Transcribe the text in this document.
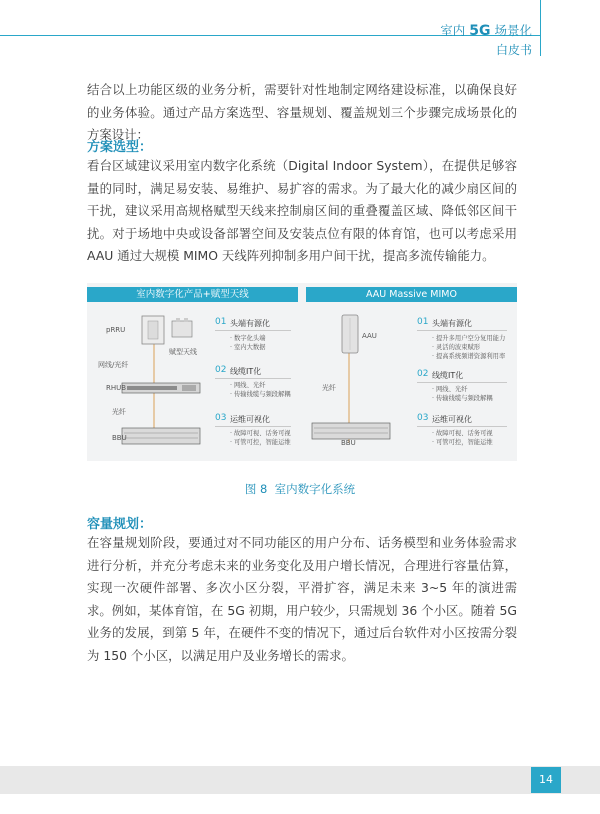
室内 5G 场景化
白皮书
结合以上功能区级的业务分析，需要针对性地制定网络建设标准，以确保良好的业务体验。通过产品方案选型、容量规划、覆盖规划三个步骤完成场景化的方案设计：
方案选型：
看台区域建议采用室内数字化系统（Digital Indoor System），在提供足够容量的同时，满足易安装、易维护、易扩容的需求。为了最大化的减少扇区间的干扰，建议采用高规格赋型天线来控制扇区间的重叠覆盖区域、降低邻区间干扰。对于场地中央或设备部署空间及安装点位有限的体育馆，也可以考虑采用 AAU 通过大规模 MIMO 天线阵列抑制多用户间干扰，提高多流传输能力。
室内数字化产品+赋型天线	AAU Massive MIMO
pRRU
赋型天线
网线/光纤
RHUB
光纤
BBU
01 头端有源化
· 数字化头端
· 室内大数据
02 线缆IT化
· 网线、光纤
· 传输线缆与频段解耦
03 运维可视化
· 故障可视、话务可视
· 可管可控，智能运维
AAU
光纤
BBU
01 头端有源化
· 提升多用户空分复用能力
· 灵活的波束赋形
· 提高系统频谱资源利用率
02 线缆IT化
· 网线、光纤
· 传输线缆与频段解耦
03 运维可视化
· 故障可视、话务可视
· 可管可控，智能运维
图 8 室内数字化系统
容量规划：
在容量规划阶段，要通过对不同功能区的用户分布、话务模型和业务体验需求进行分析，并充分考虑未来的业务变化及用户增长情况，合理进行容量估算，实现一次硬件部署、多次小区分裂，平滑扩容，满足未来 3~5 年的演进需求。例如，某体育馆，在 5G 初期，用户较少，只需规划 36 个小区。随着 5G 业务的发展，到第 5 年，在硬件不变的情况下，通过后台软件对小区按需分裂为 150 个小区，以满足用户及业务增长的需求。
14
